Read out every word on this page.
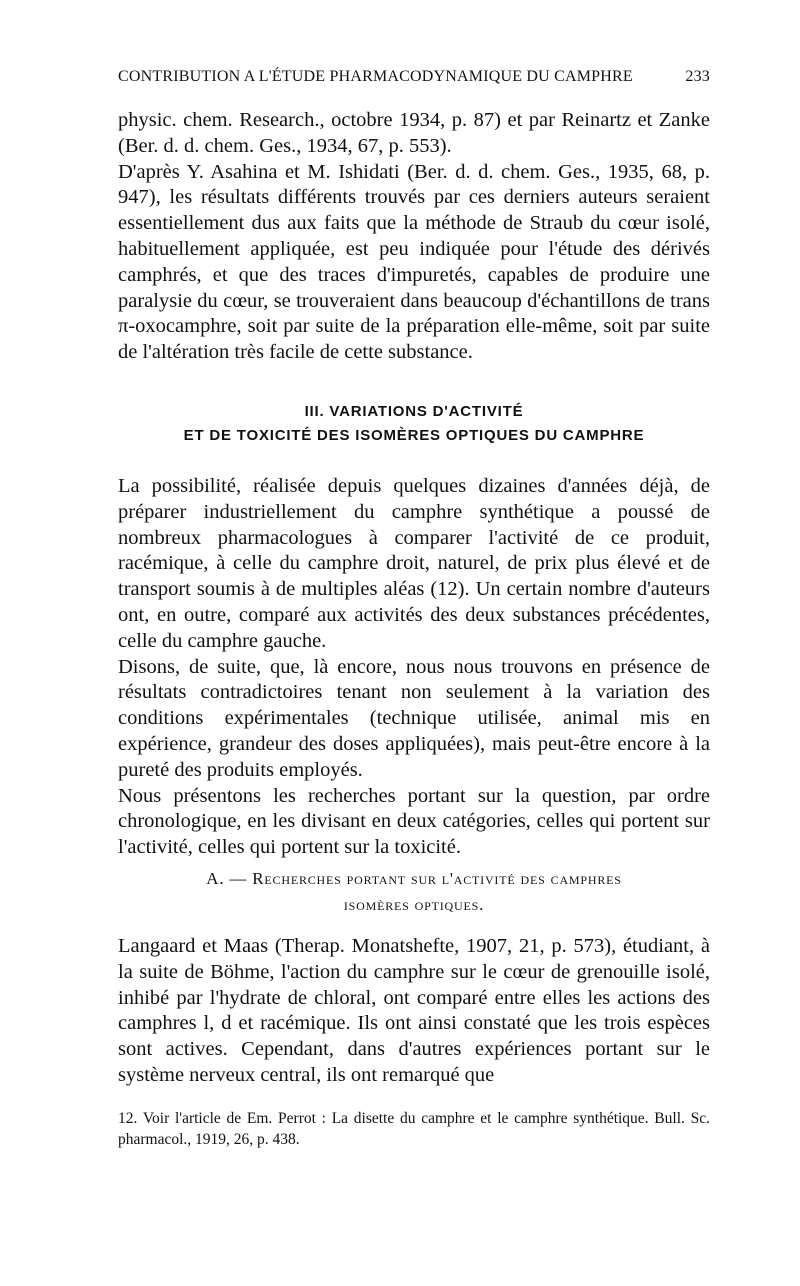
CONTRIBUTION A L'ÉTUDE PHARMACODYNAMIQUE DU CAMPHRE	233

physic. chem. Research., octobre 1934, p. 87) et par Reinartz et Zanke (Ber. d. d. chem. Ges., 1934, 67, p. 553).

D'après Y. Asahina et M. Ishidati (Ber. d. d. chem. Ges., 1935, 68, p. 947), les résultats différents trouvés par ces derniers auteurs seraient essentiellement dus aux faits que la méthode de Straub du cœur isolé, habituellement appliquée, est peu indiquée pour l'étude des dérivés camphrés, et que des traces d'impuretés, capables de produire une paralysie du cœur, se trouveraient dans beaucoup d'échantillons de trans π-oxocamphre, soit par suite de la préparation elle-même, soit par suite de l'altération très facile de cette substance.

III. VARIATIONS D'ACTIVITÉ
ET DE TOXICITÉ DES ISOMÈRES OPTIQUES DU CAMPHRE

La possibilité, réalisée depuis quelques dizaines d'années déjà, de préparer industriellement du camphre synthétique a poussé de nombreux pharmacologues à comparer l'activité de ce produit, racémique, à celle du camphre droit, naturel, de prix plus élevé et de transport soumis à de multiples aléas (12). Un certain nombre d'auteurs ont, en outre, comparé aux activités des deux substances précédentes, celle du camphre gauche.

Disons, de suite, que, là encore, nous nous trouvons en présence de résultats contradictoires tenant non seulement à la variation des conditions expérimentales (technique utilisée, animal mis en expérience, grandeur des doses appliquées), mais peut-être encore à la pureté des produits employés.

Nous présentons les recherches portant sur la question, par ordre chronologique, en les divisant en deux catégories, celles qui portent sur l'activité, celles qui portent sur la toxicité.

A. — Recherches portant sur l'activité des camphres
isomères optiques.

Langaard et Maas (Therap. Monatshefte, 1907, 21, p. 573), étudiant, à la suite de Böhme, l'action du camphre sur le cœur de grenouille isolé, inhibé par l'hydrate de chloral, ont comparé entre elles les actions des camphres l, d et racémique. Ils ont ainsi constaté que les trois espèces sont actives. Cependant, dans d'autres expériences portant sur le système nerveux central, ils ont remarqué que

12. Voir l'article de Em. Perrot : La disette du camphre et le camphre synthétique. Bull. Sc. pharmacol., 1919, 26, p. 438.
